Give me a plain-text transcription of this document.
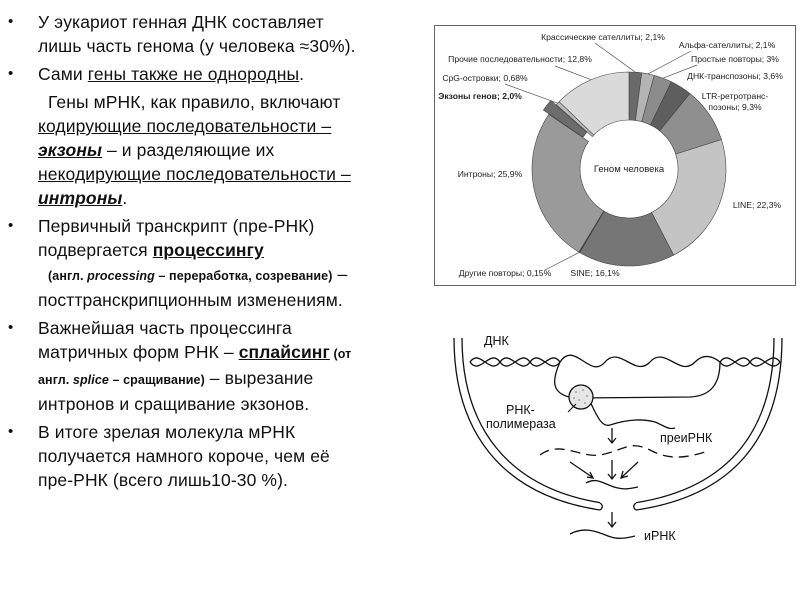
• У эукариот генная ДНК составляет
лишь часть генома (у человека ≈30%).
• Сами гены также не однородны.
Гены мРНК, как правило, включают
кодирующие последовательности –
экзоны – и разделяющие их
некодирующие последовательности –
интроны.
• Первичный транскрипт (пре-РНК)
подвергается процессингу
(англ. processing – переработка, созревание) –
посттранскрипционным изменениям.
• Важнейшая часть процессинга
матричных форм РНК – сплайсинг (от
англ. splice – сращивание) – вырезание
интронов и сращивание экзонов.
• В итоге зрелая молекула мРНК
получается намного короче, чем её
пре-РНК (всего лишь10-30 %).
Крассические сателлиты; 2,1%
Альфа-сателлиты; 2,1%
Простые повторы; 3%
ДНК-транспозоны; 3,6%
LTR-ретротранс-позоны; 9,3%
LINE; 22,3%
SINE; 16,1%
Другие повторы; 0,15%
Интроны; 25,9%
Экзоны генов; 2,0%
CpG-островки; 0,68%
Прочие последовательности; 12,8%
Геном человека
ДНК
РНК-
полимераза
преиРНК
иРНК
